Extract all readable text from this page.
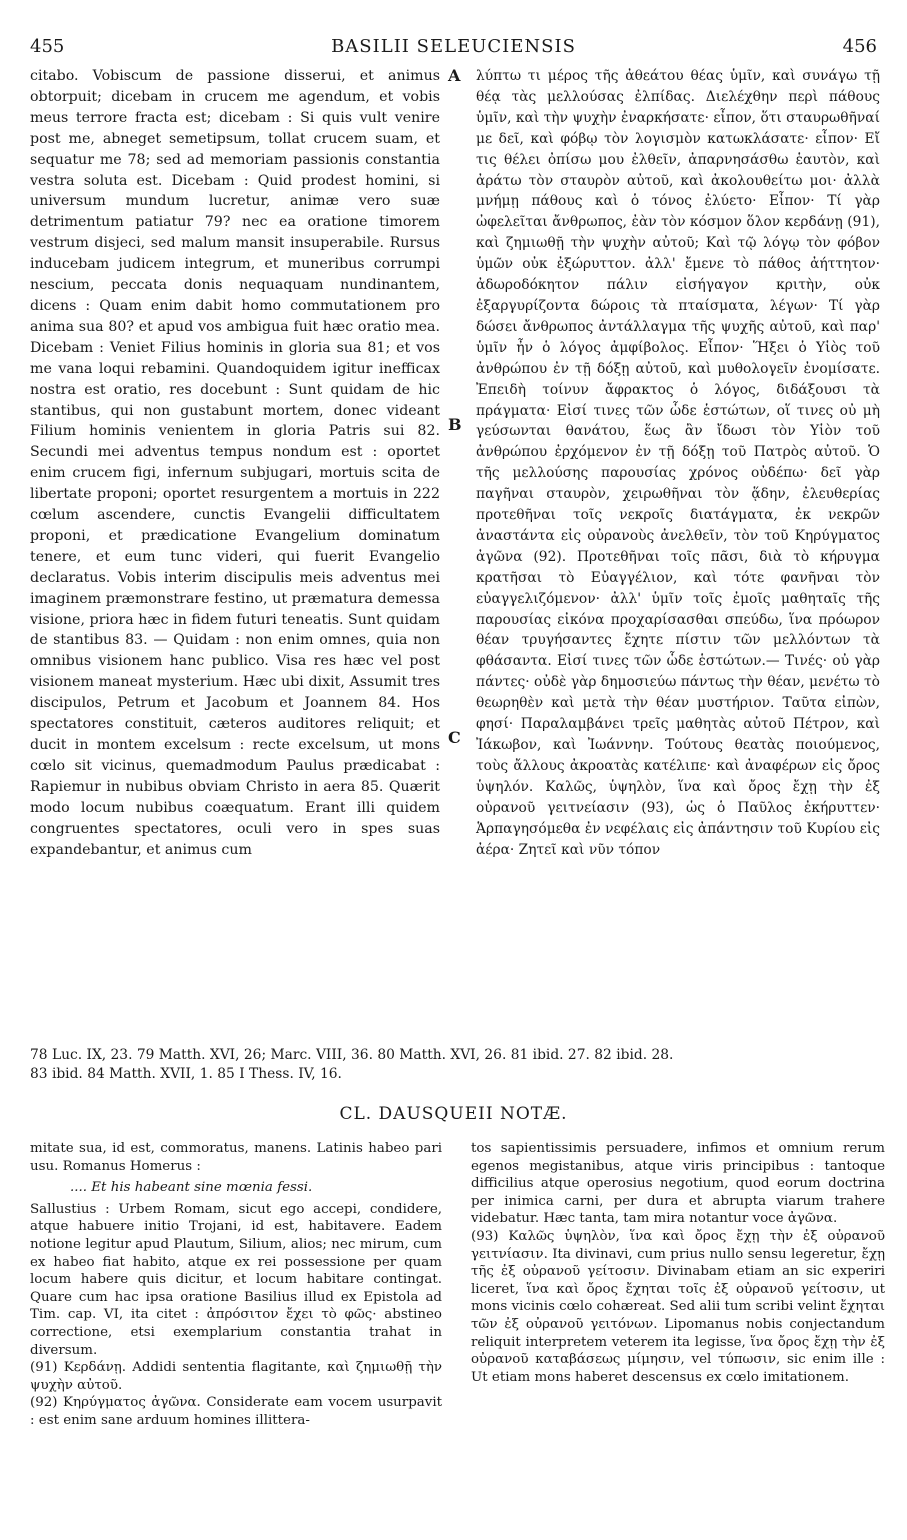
455	BASILII SELEUCIENSIS	456

citabo. Vobiscum de passione disserui, et animus obtorpuit; dicebam in crucem me agendum, et vobis meus terrore fracta est; dicebam : Si quis vult venire post me, abneget semetipsum, tollat crucem suam, et sequatur me 78; sed ad memoriam passionis constantia vestra soluta est. Dicebam : Quid prodest homini, si universum mundum lucretur, animæ vero suæ detrimentum patiatur 79? nec ea oratione timorem vestrum disjeci, sed malum mansit insuperabile. Rursus inducebam judicem integrum, et muneribus corrumpi nescium, peccata donis nequaquam nundinantem, dicens : Quam enim dabit homo commutationem pro anima sua 80? et apud vos ambigua fuit hæc oratio mea. Dicebam : Veniet Filius hominis in gloria sua 81; et vos me vana loqui rebamini. Quandoquidem igitur inefficax nostra est oratio, res docebunt : Sunt quidam de hic stantibus, qui non gustabunt mortem, donec videant Filium hominis venientem in gloria Patris sui 82. Secundi mei adventus tempus nondum est : oportet enim crucem figi, infernum subjugari, mortuis scita de libertate proponi; oportet resurgentem a mortuis in 222 cœlum ascendere, cunctis Evangelii difficultatem proponi, et prædicatione Evangelium dominatum tenere, et eum tunc videri, qui fuerit Evangelio declaratus. Vobis interim discipulis meis adventus mei imaginem præmonstrare festino, ut præmatura demessa visione, priora hæc in fidem futuri teneatis. Sunt quidam de stantibus 83. — Quidam : non enim omnes, quia non omnibus visionem hanc publico. Visa res hæc vel post visionem maneat mysterium. Hæc ubi dixit, Assumit tres discipulos, Petrum et Jacobum et Joannem 84. Hos spectatores constituit, cæteros auditores reliquit; et ducit in montem excelsum : recte excelsum, ut mons cœlo sit vicinus, quemadmodum Paulus prædicabat : Rapiemur in nubibus obviam Christo in aera 85. Quærit modo locum nubibus coæquatum. Erant illi quidem congruentes spectatores, oculi vero in spes suas expandebantur, et animus cum

A
B
C

λύπτω τι μέρος τῆς ἀθεάτου θέας ὑμῖν, καὶ συνάγω τῇ θέᾳ τὰς μελλούσας ἐλπίδας. Διελέχθην περὶ πάθους ὑμῖν, καὶ τὴν ψυχὴν ἐναρκήσατε· εἶπον, ὅτι σταυρωθῆναί με δεῖ, καὶ φόβῳ τὸν λογισμὸν κατωκλάσατε· εἶπον· Εἴ τις θέλει ὀπίσω μου ἐλθεῖν, ἀπαρνησάσθω ἑαυτὸν, καὶ ἀράτω τὸν σταυρὸν αὐτοῦ, καὶ ἀκολουθείτω μοι· ἀλλὰ μνήμῃ πάθους καὶ ὁ τόνος ἐλύετο· Εἶπον· Τί γὰρ ὠφελεῖται ἄνθρωπος, ἐὰν τὸν κόσμον ὅλον κερδάνῃ (91), καὶ ζημιωθῇ τὴν ψυχὴν αὐτοῦ; Καὶ τῷ λόγῳ τὸν φόβον ὑμῶν οὐκ ἐξώρυττον. ἀλλ' ἔμενε τὸ πάθος ἀήττητον· ἀδωροδόκητον πάλιν εἰσήγαγον κριτὴν, οὐκ ἐξαργυρίζοντα δώροις τὰ πταίσματα, λέγων· Τί γὰρ δώσει ἄνθρωπος ἀντάλλαγμα τῆς ψυχῆς αὐτοῦ, καὶ παρ' ὑμῖν ἦν ὁ λόγος ἀμφίβολος. Εἶπον· Ἥξει ὁ Υἱὸς τοῦ ἀνθρώπου ἐν τῇ δόξῃ αὐτοῦ, καὶ μυθολογεῖν ἐνομίσατε. Ἐπειδὴ τοίνυν ἄφρακτος ὁ λόγος, διδάξουσι τὰ πράγματα· Εἰσί τινες τῶν ὧδε ἑστώτων, οἵ τινες οὐ μὴ γεύσωνται θανάτου, ἕως ἂν ἴδωσι τὸν Υἱὸν τοῦ ἀνθρώπου ἐρχόμενον ἐν τῇ δόξῃ τοῦ Πατρὸς αὐτοῦ. Ὁ τῆς μελλούσης παρουσίας χρόνος οὐδέπω· δεῖ γὰρ παγῆναι σταυρὸν, χειρωθῆναι τὸν ᾅδην, ἐλευθερίας προτεθῆναι τοῖς νεκροῖς διατάγματα, ἐκ νεκρῶν ἀναστάντα εἰς οὐρανοὺς ἀνελθεῖν, τὸν τοῦ Κηρύγματος ἀγῶνα (92). Προτεθῆναι τοῖς πᾶσι, διὰ τὸ κήρυγμα κρατῆσαι τὸ Εὐαγγέλιον, καὶ τότε φανῆναι τὸν εὐαγγελιζόμενον· ἀλλ' ὑμῖν τοῖς ἐμοῖς μαθηταῖς τῆς παρουσίας εἰκόνα προχαρίσασθαι σπεύδω, ἵνα πρόωρον θέαν τρυγήσαντες ἔχητε πίστιν τῶν μελλόντων τὰ φθάσαντα. Εἰσί τινες τῶν ὧδε ἑστώτων.— Τινές· οὐ γὰρ πάντες· οὐδὲ γὰρ δημοσιεύω πάντως τὴν θέαν, μενέτω τὸ θεωρηθὲν καὶ μετὰ τὴν θέαν μυστήριον. Ταῦτα εἰπὼν, φησί· Παραλαμβάνει τρεῖς μαθητὰς αὐτοῦ Πέτρον, καὶ Ἰάκωβον, καὶ Ἰωάννην. Τούτους θεατὰς ποιούμενος, τοὺς ἄλλους ἀκροατὰς κατέλιπε· καὶ ἀναφέρων εἰς ὄρος ὑψηλόν. Καλῶς, ὑψηλὸν, ἵνα καὶ ὄρος ἔχῃ τὴν ἐξ οὐρανοῦ γειτνείασιν (93), ὡς ὁ Παῦλος ἐκήρυττεν· Ἁρπαγησόμεθα ἐν νεφέλαις εἰς ἀπάντησιν τοῦ Κυρίου εἰς ἀέρα· Ζητεῖ καὶ νῦν τόπον

78 Luc. IX, 23. 79 Matth. XVI, 26; Marc. VIII, 36. 80 Matth. XVI, 26. 81 ibid. 27. 82 ibid. 28.

83 ibid. 84 Matth. XVII, 1. 85 I Thess. IV, 16.

CL. DAUSQUEII NOTÆ.

mitate sua, id est, commoratus, manens. Latinis habeo pari usu. Romanus Homerus :

.... Et his habeant sine mœnia fessi.

Sallustius : Urbem Romam, sicut ego accepi, condidere, atque habuere initio Trojani, id est, habitavere. Eadem notione legitur apud Plautum, Silium, alios; nec mirum, cum ex habeo fiat habito, atque ex rei possessione per quam locum habere quis dicitur, et locum habitare contingat. Quare cum hac ipsa oratione Basilius illud ex Epistola ad Tim. cap. VI, ita citet : ἀπρόσιτον ἔχει τὸ φῶς· abstineo correctione, etsi exemplarium constantia trahat in diversum.

(91) Κερδάνῃ. Addidi sententia flagitante, καὶ ζημιωθῇ τὴν ψυχὴν αὐτοῦ.

(92) Κηρύγματος ἀγῶνα. Considerate eam vocem usurpavit : est enim sane arduum homines illittera-

tos sapientissimis persuadere, infimos et omnium rerum egenos megistanibus, atque viris principibus : tantoque difficilius atque operosius negotium, quod eorum doctrina per inimica carni, per dura et abrupta viarum trahere videbatur. Hæc tanta, tam mira notantur voce ἀγῶνα.

(93) Καλῶς ὑψηλὸν, ἵνα καὶ ὄρος ἔχῃ τὴν ἐξ οὐρανοῦ γειτνίασιν. Ita divinavi, cum prius nullo sensu legeretur, ἔχῃ τῆς ἐξ οὐρανοῦ γείτοσιν. Divinabam etiam an sic experiri liceret, ἵνα καὶ ὄρος ἔχηται τοῖς ἐξ οὐρανοῦ γείτοσιν, ut mons vicinis cœlo cohæreat. Sed alii tum scribi velint ἔχηται τῶν ἐξ οὐρανοῦ γειτόνων. Lipomanus nobis conjectandum reliquit interpretem veterem ita legisse, ἵνα ὄρος ἔχῃ τὴν ἐξ οὐρανοῦ καταβάσεως μίμησιν, vel τύπωσιν, sic enim ille : Ut etiam mons haberet descensus ex cœlo imitationem.
